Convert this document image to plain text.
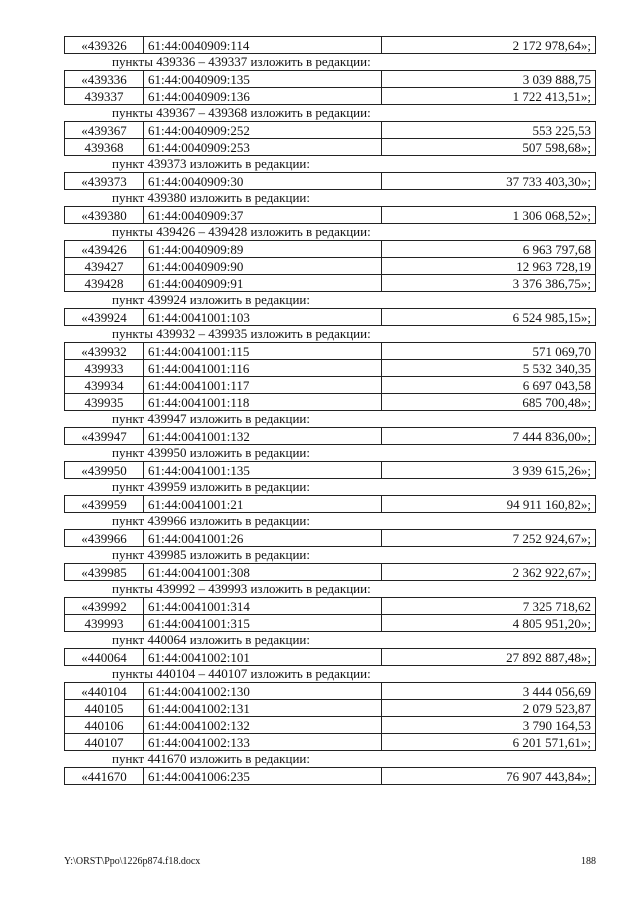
«439326	61:44:0040909:114	2 172 978,64»;
пункты 439336 – 439337 изложить в редакции:
«439336	61:44:0040909:135	3 039 888,75
439337	61:44:0040909:136	1 722 413,51»;
пункты 439367 – 439368 изложить в редакции:
«439367	61:44:0040909:252	553 225,53
439368	61:44:0040909:253	507 598,68»;
пункт 439373 изложить в редакции:
«439373	61:44:0040909:30	37 733 403,30»;
пункт 439380 изложить в редакции:
«439380	61:44:0040909:37	1 306 068,52»;
пункты 439426 – 439428 изложить в редакции:
«439426	61:44:0040909:89	6 963 797,68
439427	61:44:0040909:90	12 963 728,19
439428	61:44:0040909:91	3 376 386,75»;
пункт 439924 изложить в редакции:
«439924	61:44:0041001:103	6 524 985,15»;
пункты 439932 – 439935 изложить в редакции:
«439932	61:44:0041001:115	571 069,70
439933	61:44:0041001:116	5 532 340,35
439934	61:44:0041001:117	6 697 043,58
439935	61:44:0041001:118	685 700,48»;
пункт 439947 изложить в редакции:
«439947	61:44:0041001:132	7 444 836,00»;
пункт 439950 изложить в редакции:
«439950	61:44:0041001:135	3 939 615,26»;
пункт 439959 изложить в редакции:
«439959	61:44:0041001:21	94 911 160,82»;
пункт 439966 изложить в редакции:
«439966	61:44:0041001:26	7 252 924,67»;
пункт 439985 изложить в редакции:
«439985	61:44:0041001:308	2 362 922,67»;
пункты 439992 – 439993 изложить в редакции:
«439992	61:44:0041001:314	7 325 718,62
439993	61:44:0041001:315	4 805 951,20»;
пункт 440064 изложить в редакции:
«440064	61:44:0041002:101	27 892 887,48»;
пункты 440104 – 440107 изложить в редакции:
«440104	61:44:0041002:130	3 444 056,69
440105	61:44:0041002:131	2 079 523,87
440106	61:44:0041002:132	3 790 164,53
440107	61:44:0041002:133	6 201 571,61»;
пункт 441670 изложить в редакции:
«441670	61:44:0041006:235	76 907 443,84»;
Y:\ORST\Ppo\1226p874.f18.docx	188
